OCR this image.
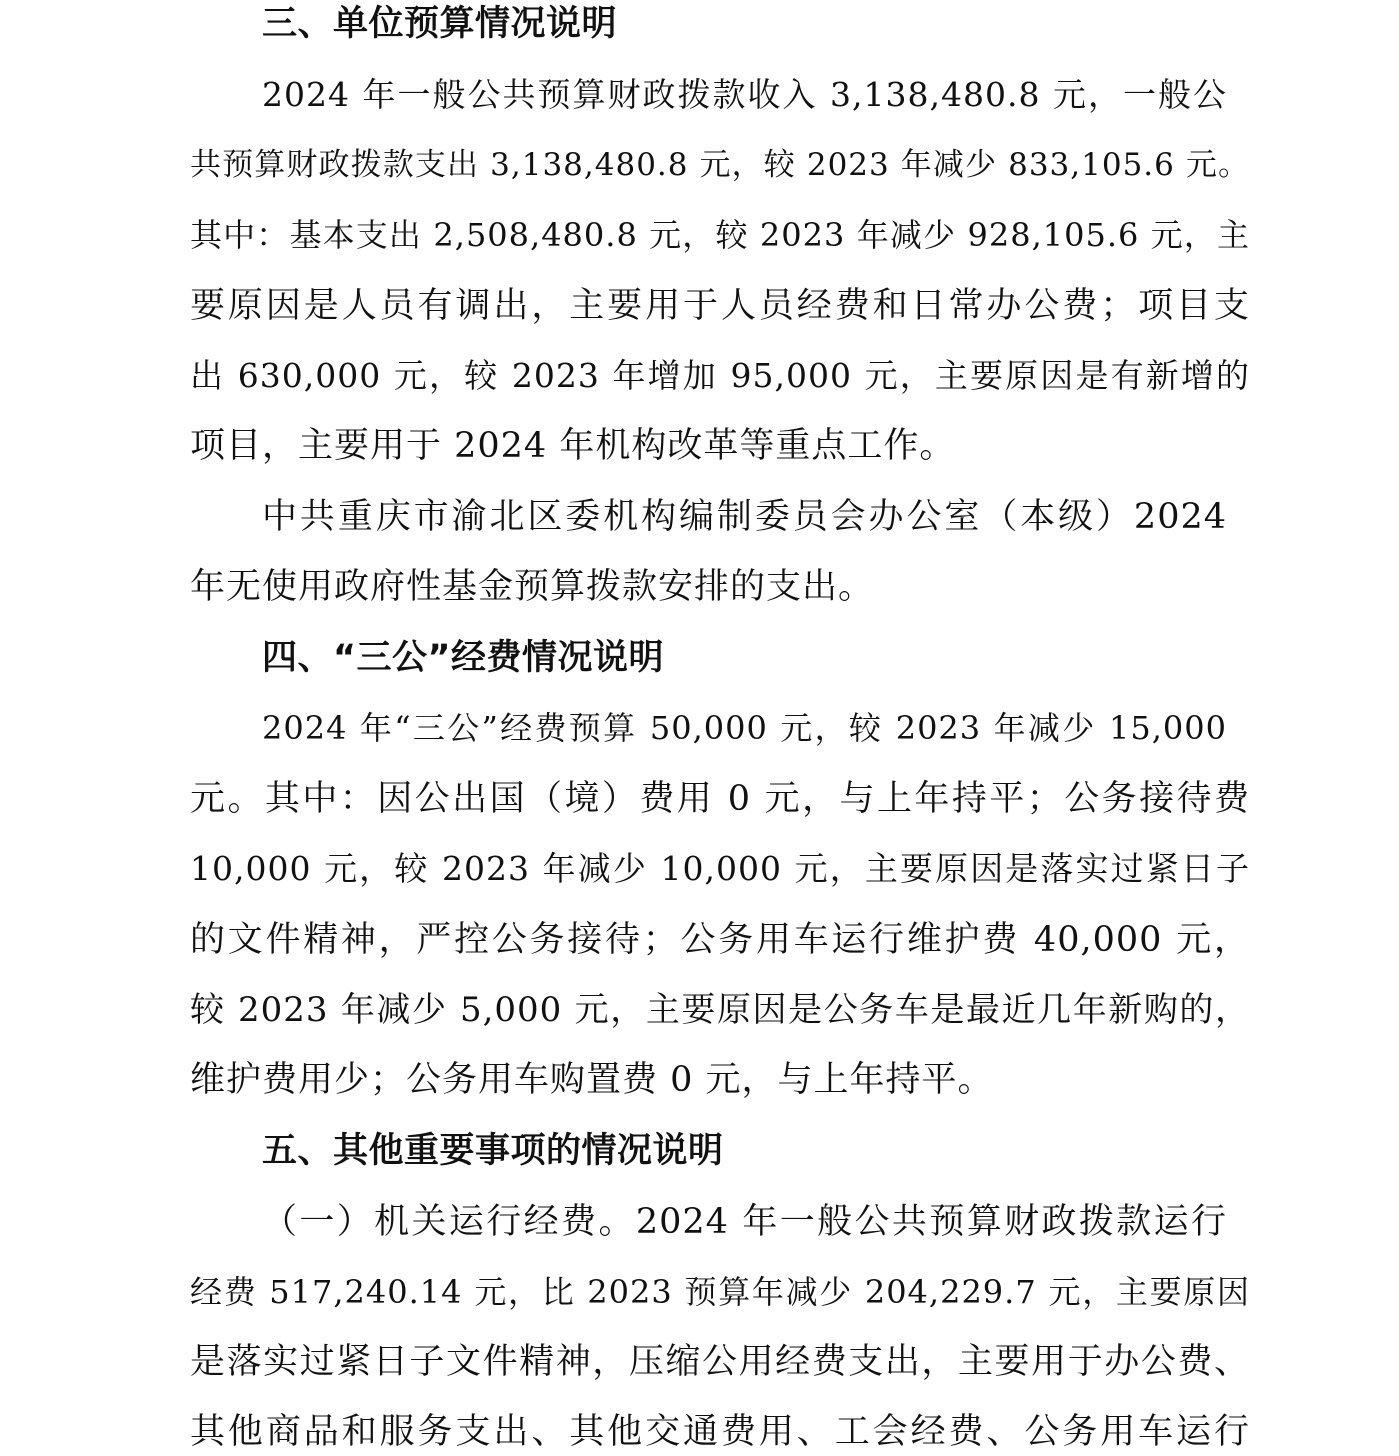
三、单位预算情况说明
2024 年一般公共预算财政拨款收入 3,138,480.8 元，一般公
共预算财政拨款支出 3,138,480.8 元，较 2023 年减少 833,105.6 元。
其中：基本支出 2,508,480.8 元，较 2023 年减少 928,105.6 元，主
要原因是人员有调出，主要用于人员经费和日常办公费；项目支
出 630,000 元，较 2023 年增加 95,000 元，主要原因是有新增的
项目，主要用于 2024 年机构改革等重点工作。
中共重庆市渝北区委机构编制委员会办公室（本级）2024
年无使用政府性基金预算拨款安排的支出。
四、“三公”经费情况说明
2024 年“三公”经费预算 50,000 元，较 2023 年减少 15,000
元。其中：因公出国（境）费用 0 元，与上年持平；公务接待费
10,000 元，较 2023 年减少 10,000 元，主要原因是落实过紧日子
的文件精神，严控公务接待；公务用车运行维护费 40,000 元，
较 2023 年减少 5,000 元，主要原因是公务车是最近几年新购的，
维护费用少；公务用车购置费 0 元，与上年持平。
五、其他重要事项的情况说明
（一）机关运行经费。2024 年一般公共预算财政拨款运行
经费 517,240.14 元，比 2023 预算年减少 204,229.7 元，主要原因
是落实过紧日子文件精神，压缩公用经费支出，主要用于办公费、
其他商品和服务支出、其他交通费用、工会经费、公务用车运行
